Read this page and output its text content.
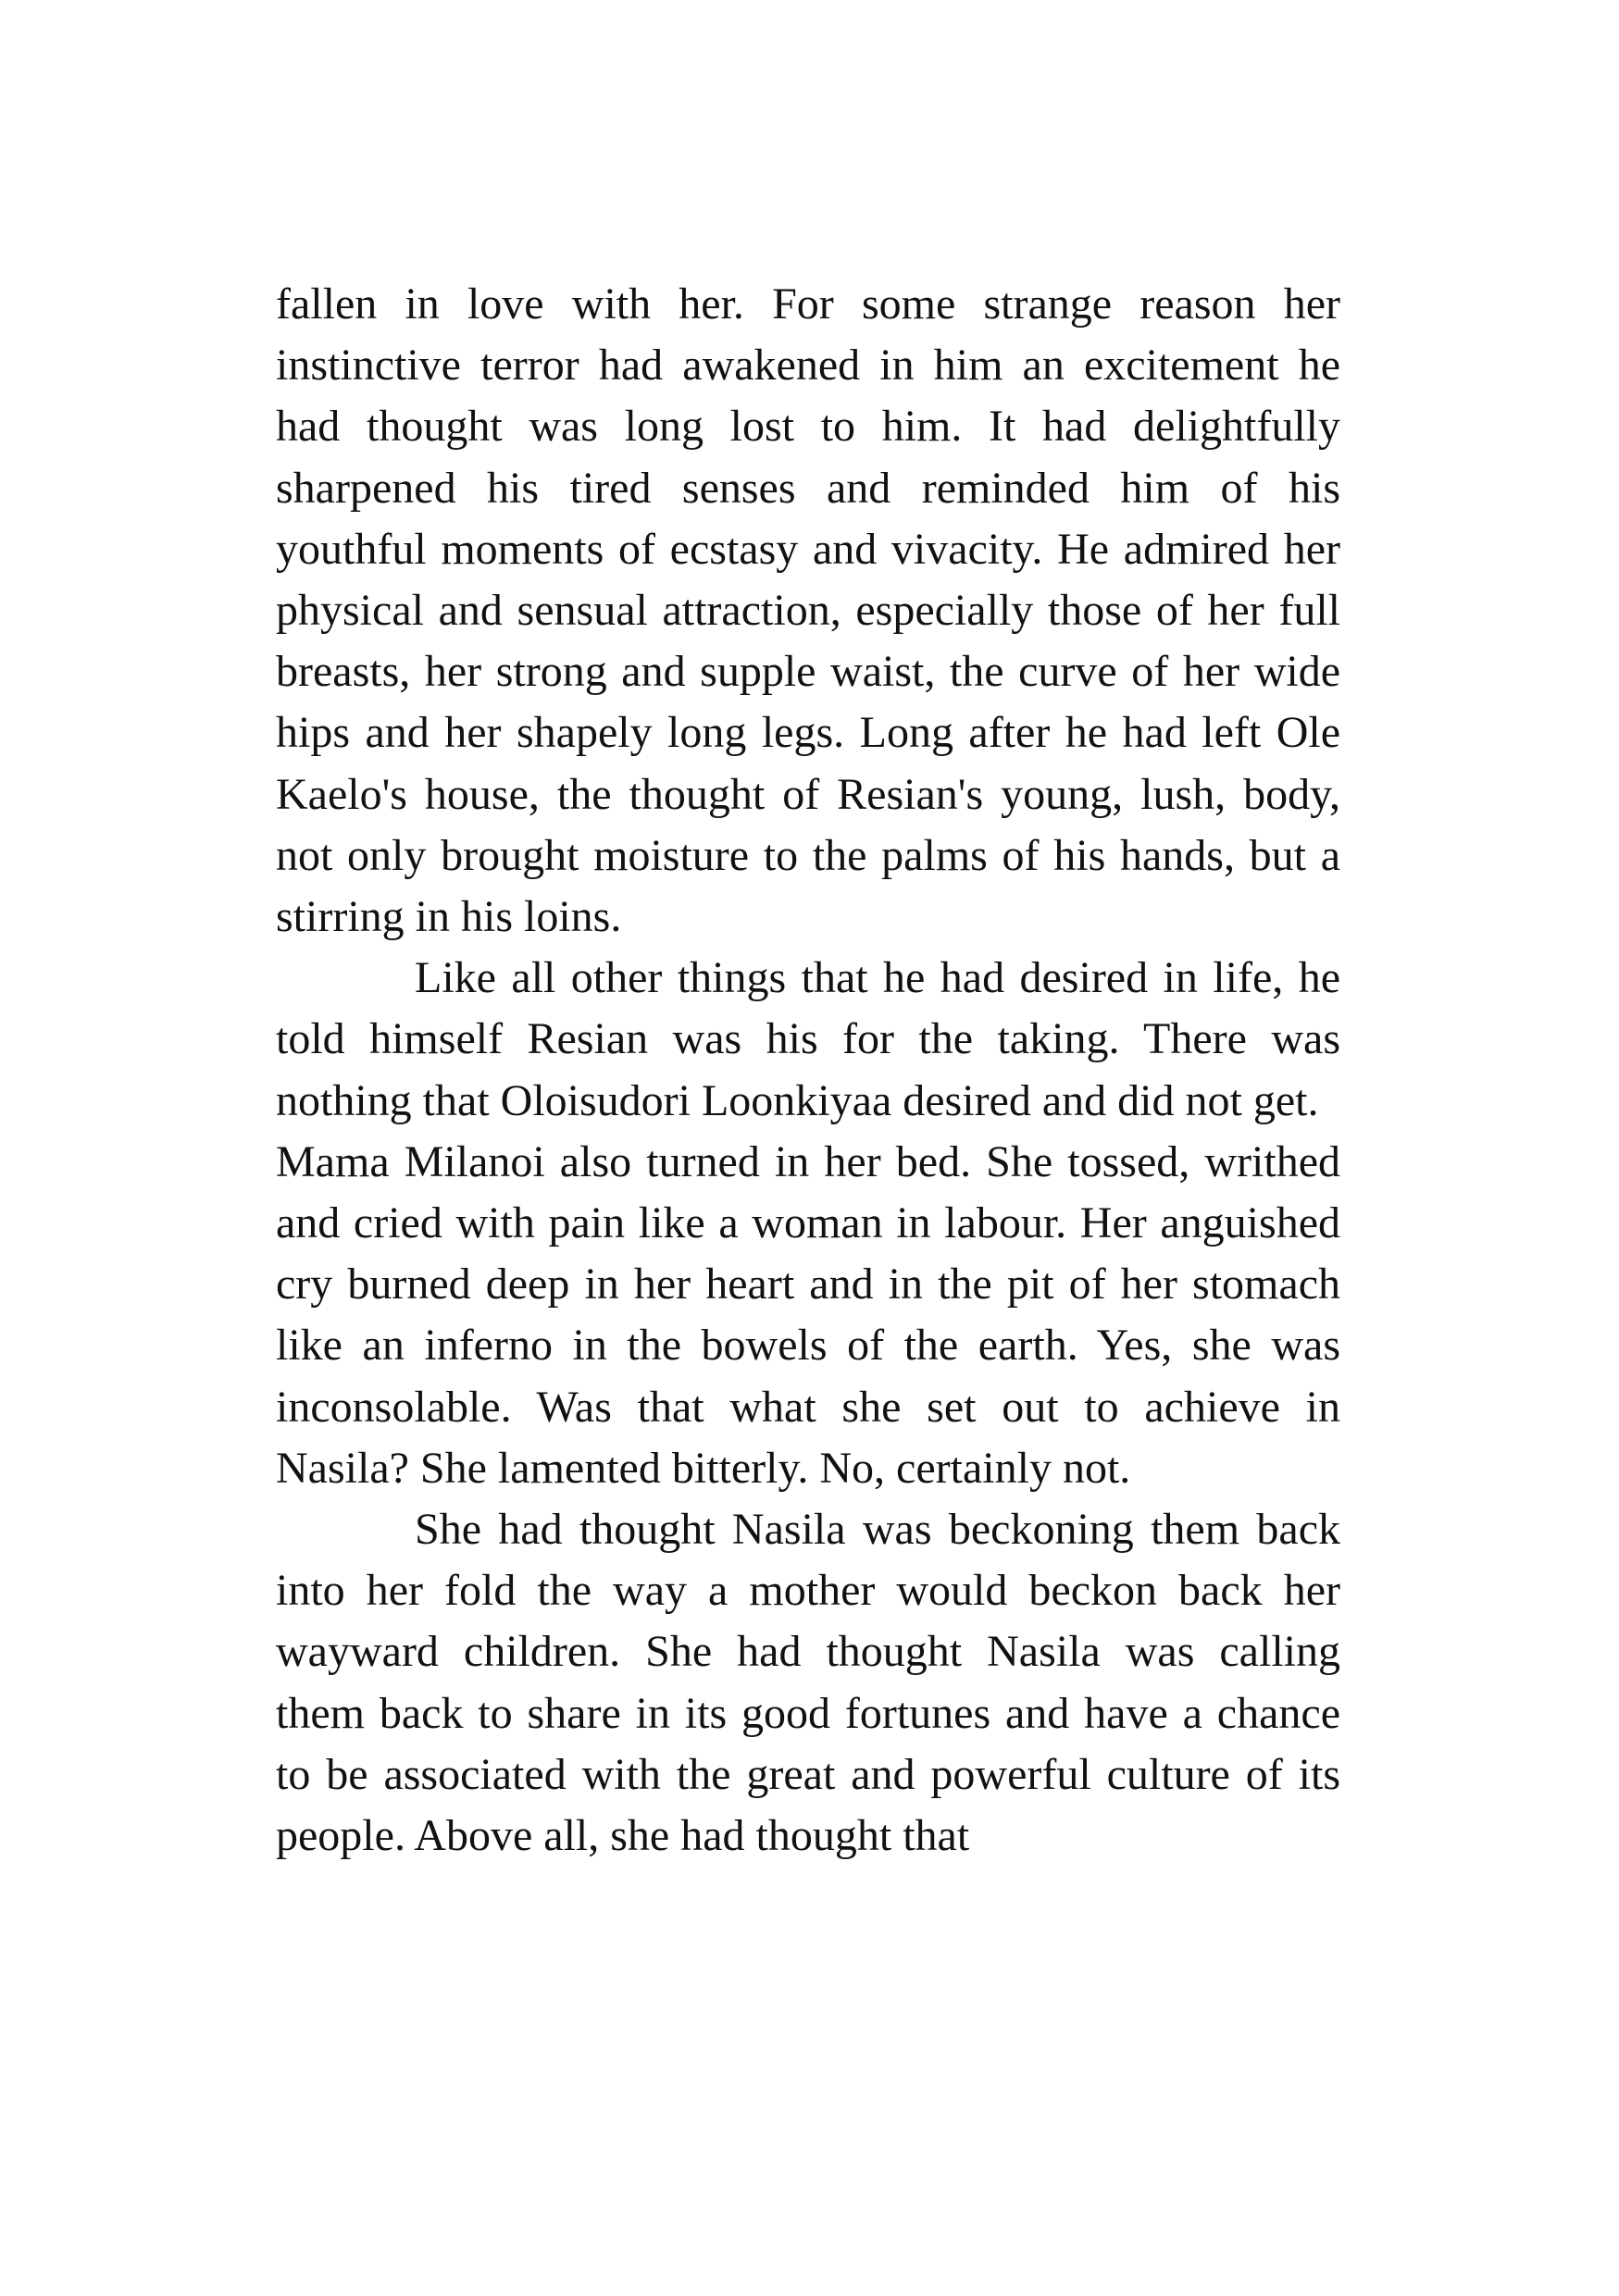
fallen in love with her. For some strange reason her instinctive terror had awakened in him an excitement he had thought was long lost to him. It had delightfully sharpened his tired senses and reminded him of his youthful moments of ecstasy and vivacity. He admired her physical and sensual attraction, especially those of her full breasts, her strong and supple waist, the curve of her wide hips and her shapely long legs. Long after he had left Ole Kaelo's house, the thought of Resian's young, lush, body, not only brought moisture to the palms of his hands, but a stirring in his loins.

Like all other things that he had desired in life, he told himself Resian was his for the taking. There was nothing that Oloisudori Loonkiyaa desired and did not get.

Mama Milanoi also turned in her bed. She tossed, writhed and cried with pain like a woman in labour. Her anguished cry burned deep in her heart and in the pit of her stomach like an inferno in the bowels of the earth. Yes, she was inconsolable. Was that what she set out to achieve in Nasila? She lamented bitterly. No, certainly not.

She had thought Nasila was beckoning them back into her fold the way a mother would beckon back her wayward children. She had thought Nasila was calling them back to share in its good fortunes and have a chance to be associated with the great and powerful culture of its people. Above all, she had thought that
